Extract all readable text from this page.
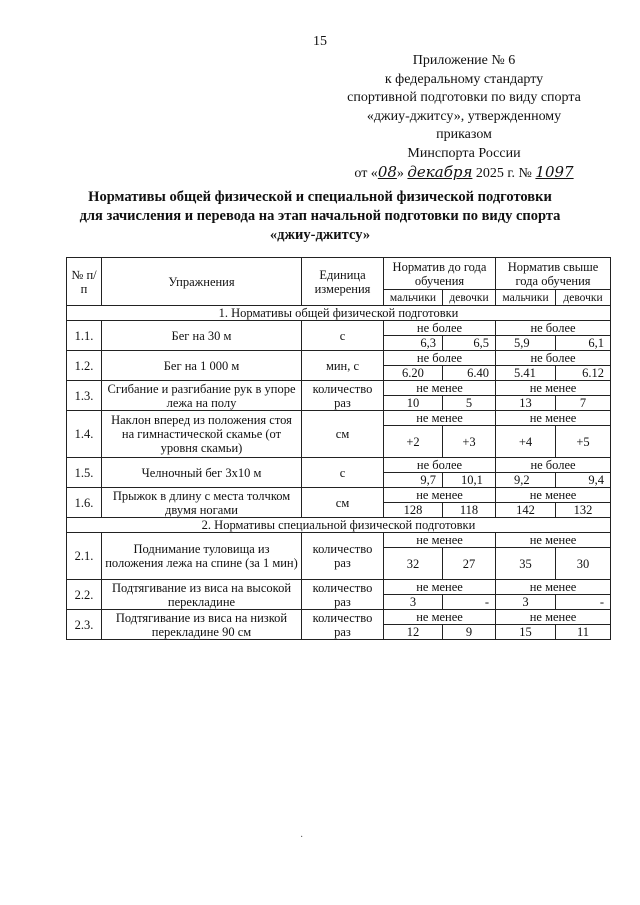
15
Приложение № 6
к федеральному стандарту
спортивной подготовки по виду спорта
«джиу-джитсу», утвержденному приказом
Минспорта России
от «08» декабря 2025 г. № 1097
Нормативы общей физической и специальной физической подготовки
для зачисления и перевода на этап начальной подготовки по виду спорта
«джиу-джитсу»
№ п/п	Упражнения	Единица измерения	Норматив до года обучения		Норматив свыше года обучения	
			мальчики	девочки	мальчики	девочки
1. Нормативы общей физической подготовки						
1.1.	Бег на 30 м	с	не более		не более	
			6,3	6,5	5,9	6,1
1.2.	Бег на 1 000 м	мин, с	не более		не более	
			6.20	6.40	5.41	6.12
1.3.	Сгибание и разгибание рук в упоре лежа на полу	количество раз	не менее		не менее	
			10	5	13	7
1.4.	Наклон вперед из положения стоя на гимнастической скамье (от уровня скамьи)	см	не менее		не менее	
			+2	+3	+4	+5
1.5.	Челночный бег 3х10 м	с	не более		не более	
			9,7	10,1	9,2	9,4
1.6.	Прыжок в длину с места толчком двумя ногами	см	не менее		не менее	
			128	118	142	132
2. Нормативы специальной физической подготовки						
2.1.	Поднимание туловища из положения лежа на спине (за 1 мин)	количество раз	не менее		не менее	
			32	27	35	30
2.2.	Подтягивание из виса на высокой перекладине	количество раз	не менее		не менее	
			3	-	3	-
2.3.	Подтягивание из виса на низкой перекладине 90 см	количество раз	не менее		не менее	
			12	9	15	11
·
